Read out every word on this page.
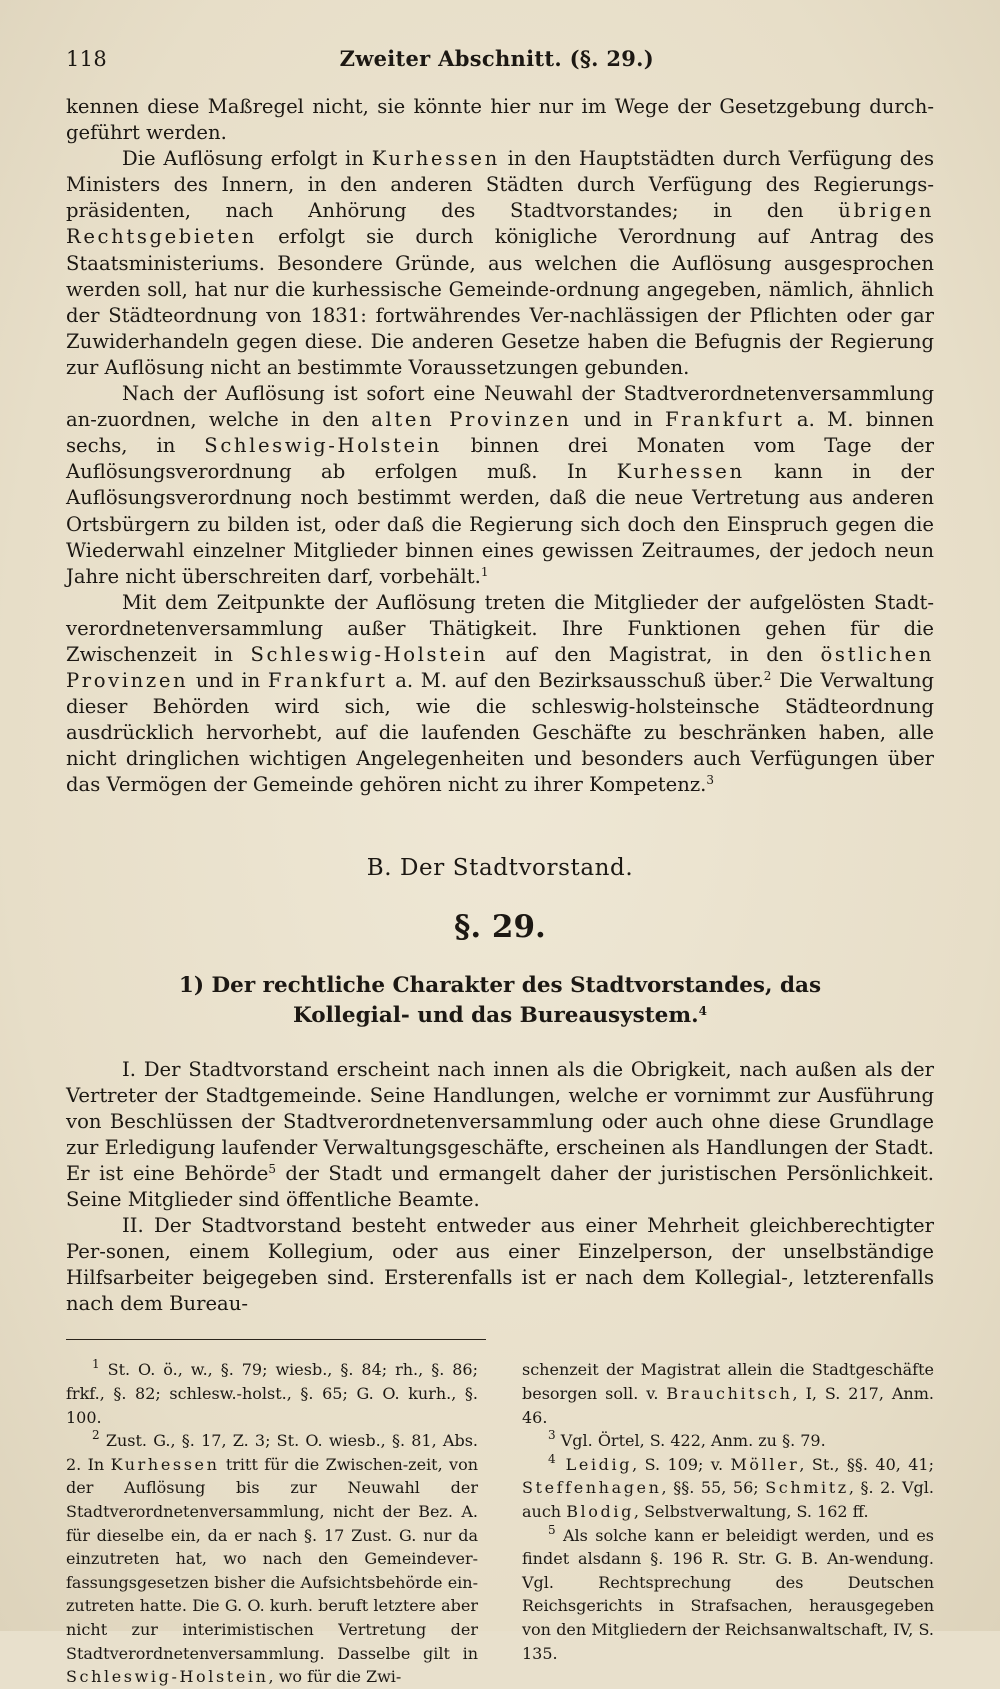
118	Zweiter Abschnitt. (§. 29.)

kennen diese Maßregel nicht, sie könnte hier nur im Wege der Gesetzgebung durch-geführt werden.

Die Auflösung erfolgt in Kurhessen in den Hauptstädten durch Verfügung des Ministers des Innern, in den anderen Städten durch Verfügung des Regierungs-präsidenten, nach Anhörung des Stadtvorstandes; in den übrigen Rechtsgebieten erfolgt sie durch königliche Verordnung auf Antrag des Staatsministeriums. Besondere Gründe, aus welchen die Auflösung ausgesprochen werden soll, hat nur die kurhessische Gemeinde-ordnung angegeben, nämlich, ähnlich der Städteordnung von 1831: fortwährendes Ver-nachlässigen der Pflichten oder gar Zuwiderhandeln gegen diese. Die anderen Gesetze haben die Befugnis der Regierung zur Auflösung nicht an bestimmte Voraussetzungen gebunden.

Nach der Auflösung ist sofort eine Neuwahl der Stadtverordnetenversammlung an-zuordnen, welche in den alten Provinzen und in Frankfurt a. M. binnen sechs, in Schleswig-Holstein binnen drei Monaten vom Tage der Auflösungsverordnung ab erfolgen muß. In Kurhessen kann in der Auflösungsverordnung noch bestimmt werden, daß die neue Vertretung aus anderen Ortsbürgern zu bilden ist, oder daß die Regierung sich doch den Einspruch gegen die Wiederwahl einzelner Mitglieder binnen eines gewissen Zeitraumes, der jedoch neun Jahre nicht überschreiten darf, vorbehält.$^1$

Mit dem Zeitpunkte der Auflösung treten die Mitglieder der aufgelösten Stadt-verordnetenversammlung außer Thätigkeit. Ihre Funktionen gehen für die Zwischenzeit in Schleswig-Holstein auf den Magistrat, in den östlichen Provinzen und in Frankfurt a. M. auf den Bezirksausschuß über.$^2$ Die Verwaltung dieser Behörden wird sich, wie die schleswig-holsteinsche Städteordnung ausdrücklich hervorhebt, auf die laufenden Geschäfte zu beschränken haben, alle nicht dringlichen wichtigen Angelegenheiten und besonders auch Verfügungen über das Vermögen der Gemeinde gehören nicht zu ihrer Kompetenz.$^3$

B. Der Stadtvorstand.
§. 29.
1) Der rechtliche Charakter des Stadtvorstandes, das Kollegial- und das Bureausystem.$^4$

I. Der Stadtvorstand erscheint nach innen als die Obrigkeit, nach außen als der Vertreter der Stadtgemeinde. Seine Handlungen, welche er vornimmt zur Ausführung von Beschlüssen der Stadtverordnetenversammlung oder auch ohne diese Grundlage zur Erledigung laufender Verwaltungsgeschäfte, erscheinen als Handlungen der Stadt. Er ist eine Behörde$^5$ der Stadt und ermangelt daher der juristischen Persönlichkeit. Seine Mitglieder sind öffentliche Beamte.

II. Der Stadtvorstand besteht entweder aus einer Mehrheit gleichberechtigter Per-sonen, einem Kollegium, oder aus einer Einzelperson, der unselbständige Hilfsarbeiter beigegeben sind. Ersterenfalls ist er nach dem Kollegial-, letzterenfalls nach dem Bureau-

$^1$ St. O. ö., w., §. 79; wiesb., §. 84; rh., §. 86; frkf., §. 82; schlesw.-holst., §. 65; G. O. kurh., §. 100.

$^2$ Zust. G., §. 17, Z. 3; St. O. wiesb., §. 81, Abs. 2. In Kurhessen tritt für die Zwischen-zeit, von der Auflösung bis zur Neuwahl der Stadtverordnetenversammlung, nicht der Bez. A. für dieselbe ein, da er nach §. 17 Zust. G. nur da einzutreten hat, wo nach den Gemeindever-fassungsgesetzen bisher die Aufsichtsbehörde ein-zutreten hatte. Die G. O. kurh. beruft letztere aber nicht zur interimistischen Vertretung der Stadtverordnetenversammlung. Dasselbe gilt in Schleswig-Holstein, wo für die Zwi-

schenzeit der Magistrat allein die Stadtgeschäfte besorgen soll. v. Brauchitsch, I, S. 217, Anm. 46.

$^3$ Vgl. Örtel, S. 422, Anm. zu §. 79.

$^4$ Leidig, S. 109; v. Möller, St., §§. 40, 41; Steffenhagen, §§. 55, 56; Schmitz, §. 2. Vgl. auch Blodig, Selbstverwaltung, S. 162 ff.

$^5$ Als solche kann er beleidigt werden, und es findet alsdann §. 196 R. Str. G. B. An-wendung. Vgl. Rechtsprechung des Deutschen Reichsgerichts in Strafsachen, herausgegeben von den Mitgliedern der Reichsanwaltschaft, IV, S. 135.
